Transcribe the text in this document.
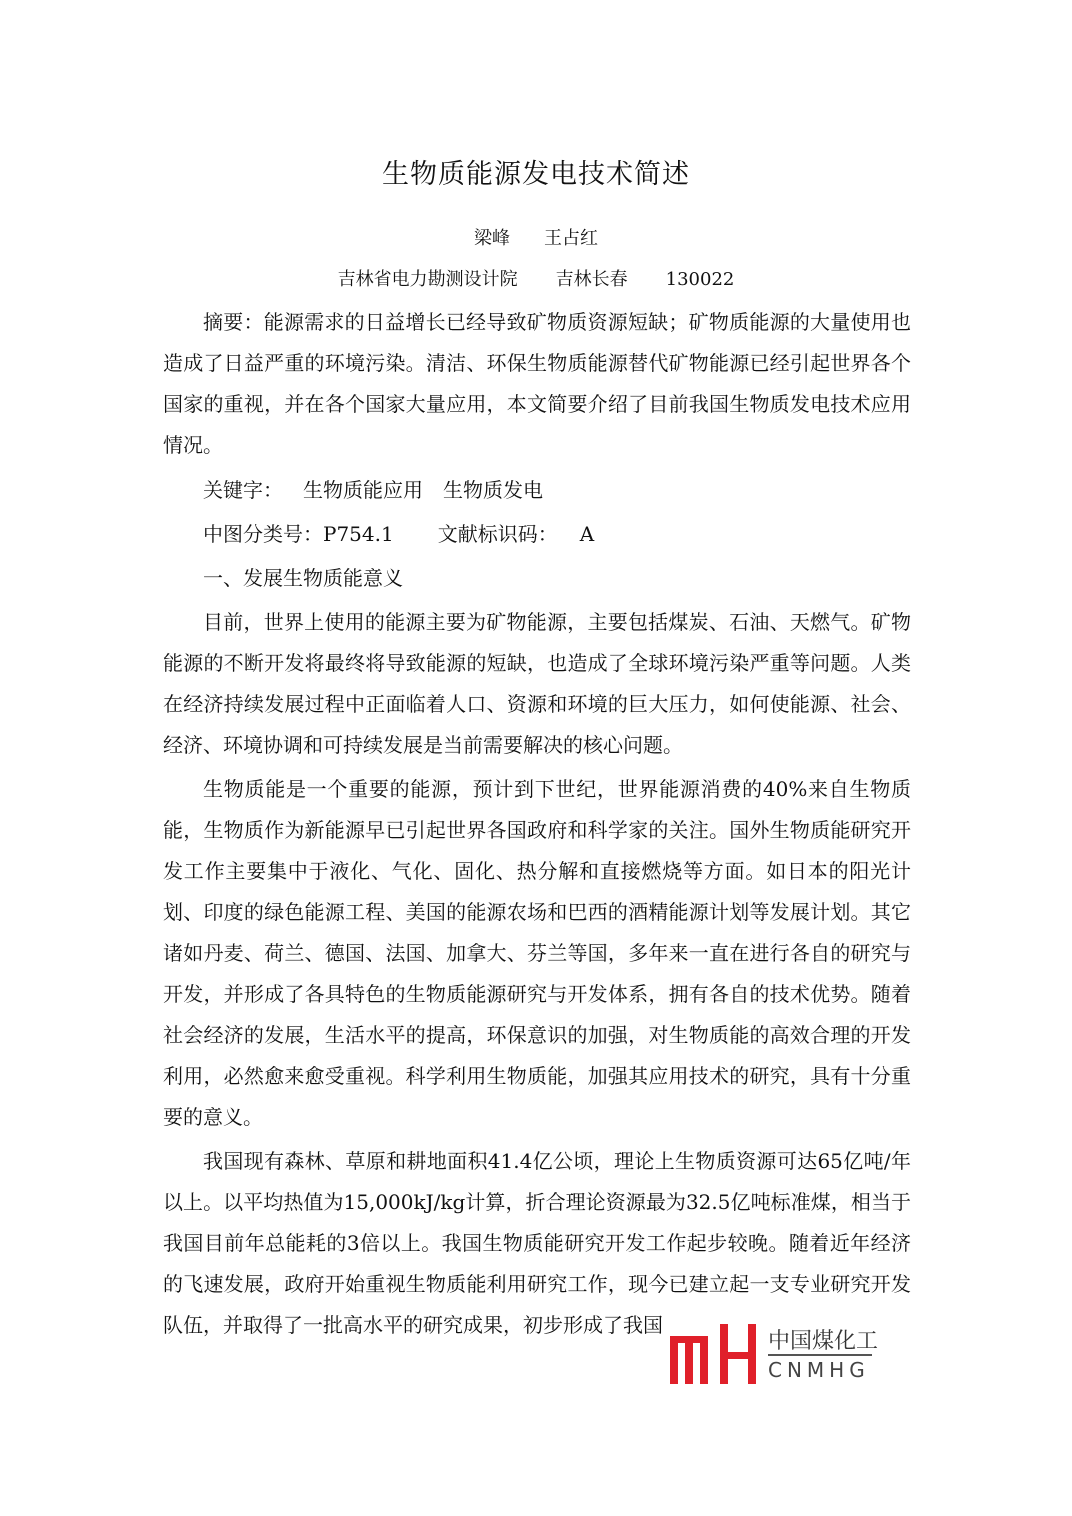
生物质能源发电技术简述
梁峰 王占红
吉林省电力勘测设计院 吉林长春 130022

摘要：能源需求的日益增长已经导致矿物质资源短缺；矿物质能源的大量使用也造成了日益严重的环境污染。清洁、环保生物质能源替代矿物能源已经引起世界各个国家的重视，并在各个国家大量应用，本文简要介绍了目前我国生物质发电技术应用情况。

关键字： 生物质能应用 生物质发电

中图分类号：P754.1 文献标识码： A

一、发展生物质能意义

目前，世界上使用的能源主要为矿物能源，主要包括煤炭、石油、天燃气。矿物能源的不断开发将最终将导致能源的短缺，也造成了全球环境污染严重等问题。人类在经济持续发展过程中正面临着人口、资源和环境的巨大压力，如何使能源、社会、经济、环境协调和可持续发展是当前需要解决的核心问题。

生物质能是一个重要的能源，预计到下世纪，世界能源消费的40%来自生物质能，生物质作为新能源早已引起世界各国政府和科学家的关注。国外生物质能研究开发工作主要集中于液化、气化、固化、热分解和直接燃烧等方面。如日本的阳光计划、印度的绿色能源工程、美国的能源农场和巴西的酒精能源计划等发展计划。其它诸如丹麦、荷兰、德国、法国、加拿大、芬兰等国，多年来一直在进行各自的研究与开发，并形成了各具特色的生物质能源研究与开发体系，拥有各自的技术优势。随着社会经济的发展，生活水平的提高，环保意识的加强，对生物质能的高效合理的开发利用，必然愈来愈受重视。科学利用生物质能，加强其应用技术的研究，具有十分重要的意义。

我国现有森林、草原和耕地面积41.4亿公顷，理论上生物质资源可达65亿吨/年以上。以平均热值为15,000kJ/kg计算，折合理论资源最为32.5亿吨标准煤，相当于我国目前年总能耗的3倍以上。我国生物质能研究开发工作起步较晚。随着近年经济的飞速发展，政府开始重视生物质能利用研究工作，现今已建立起一支专业研究开发队伍，并取得了一批高水平的研究成果，初步形成了我国

中国煤化工
CNMHG
